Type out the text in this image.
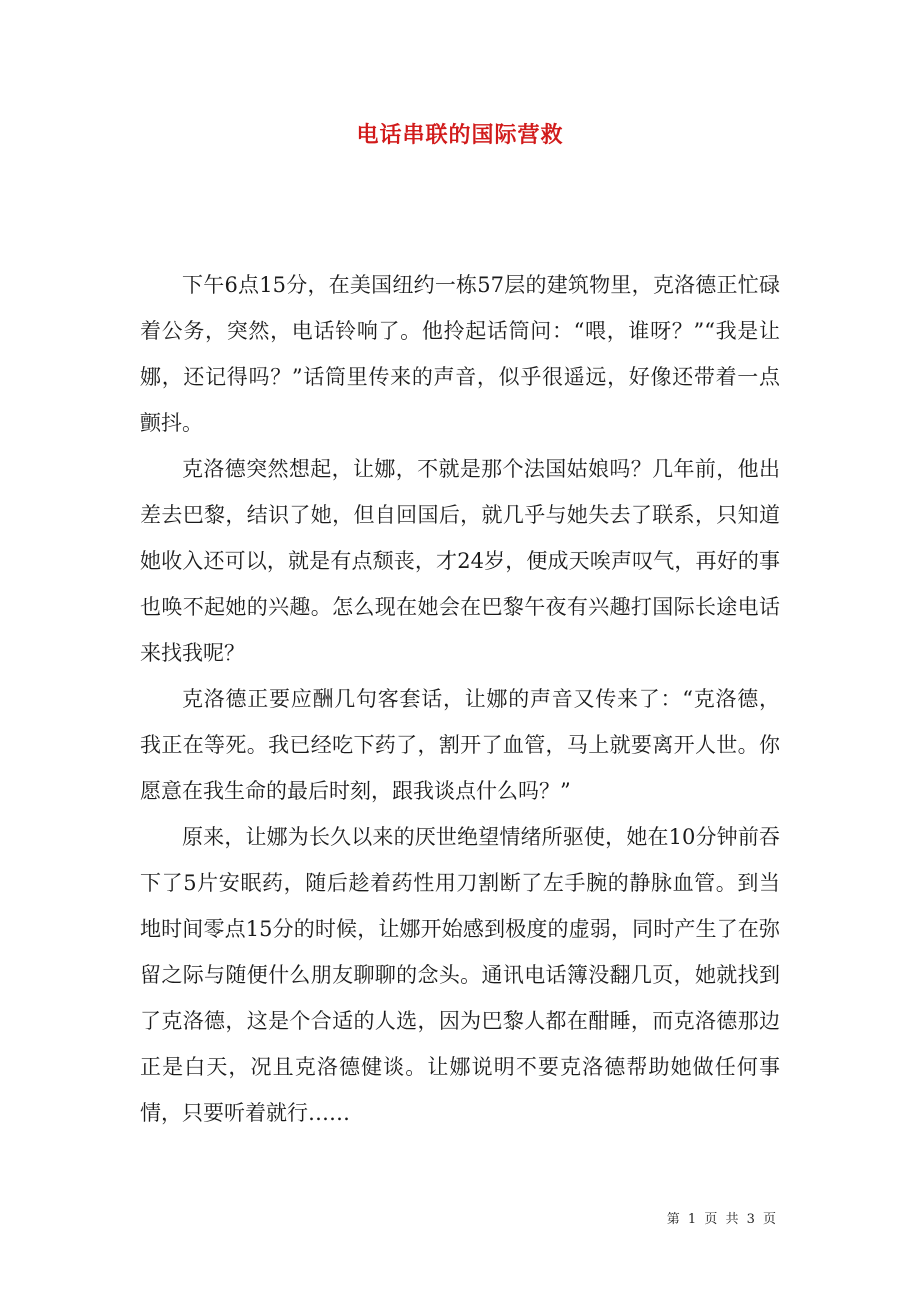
电话串联的国际营救

下午6点15分，在美国纽约一栋57层的建筑物里，克洛德正忙碌着公务，突然，电话铃响了。他拎起话筒问：“喂，谁呀？”“我是让娜，还记得吗？”话筒里传来的声音，似乎很遥远，好像还带着一点颤抖。

克洛德突然想起，让娜，不就是那个法国姑娘吗？几年前，他出差去巴黎，结识了她，但自回国后，就几乎与她失去了联系，只知道她收入还可以，就是有点颓丧，才24岁，便成天唉声叹气，再好的事也唤不起她的兴趣。怎么现在她会在巴黎午夜有兴趣打国际长途电话来找我呢？

克洛德正要应酬几句客套话，让娜的声音又传来了：“克洛德，我正在等死。我已经吃下药了，割开了血管，马上就要离开人世。你愿意在我生命的最后时刻，跟我谈点什么吗？”

原来，让娜为长久以来的厌世绝望情绪所驱使，她在10分钟前吞下了5片安眠药，随后趁着药性用刀割断了左手腕的静脉血管。到当地时间零点15分的时候，让娜开始感到极度的虚弱，同时产生了在弥留之际与随便什么朋友聊聊的念头。通讯电话簿没翻几页，她就找到了克洛德，这是个合适的人选，因为巴黎人都在酣睡，而克洛德那边正是白天，况且克洛德健谈。让娜说明不要克洛德帮助她做任何事情，只要听着就行……

第 1 页 共 3 页
